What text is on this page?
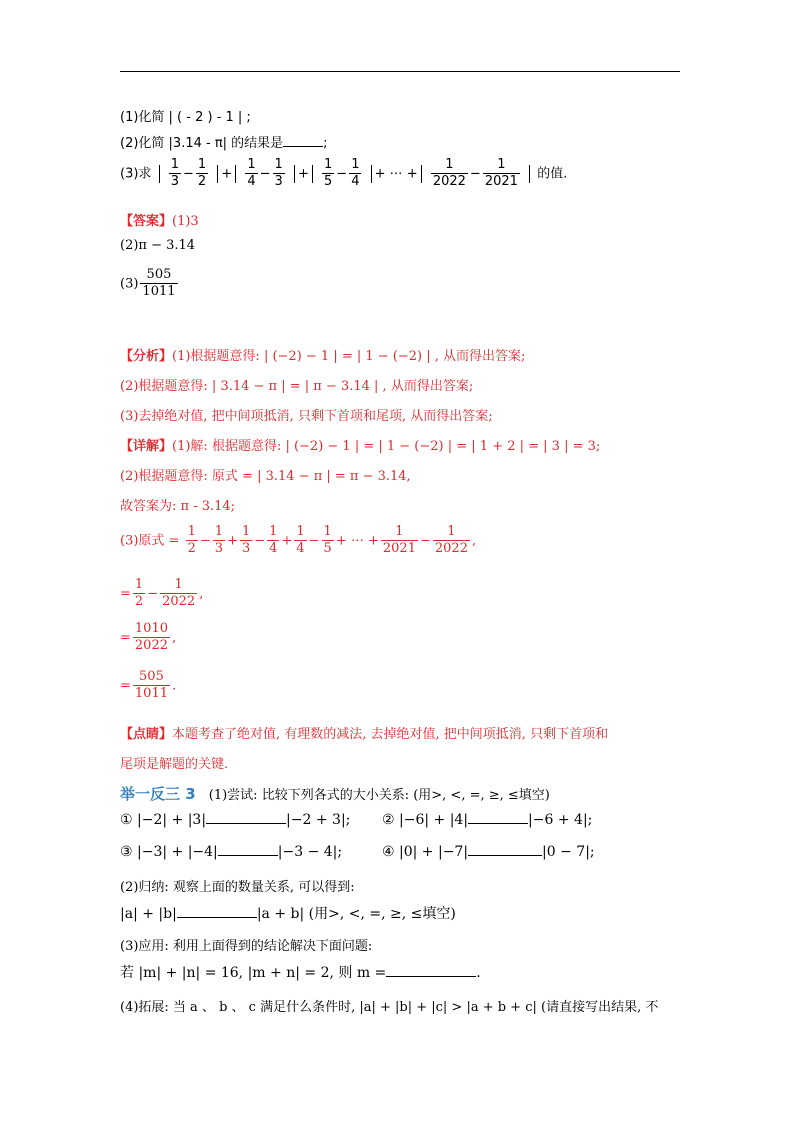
(1)化简 | ( - 2 ) - 1 | ;
(2)化简 |3.14 - π| 的结果是	;
(3)求 $\frac{1}{3} - \frac{1}{2} + \frac{1}{4} - \frac{1}{3} + \frac{1}{5} - \frac{1}{4}$ + ⋯ + $\frac{1}{2022} - \frac{1}{2021}$ 的值.
【答案】(1)3
(2)π − 3.14
$(3) \frac{505}{1011}$
【分析】(1)根据题意得: | (−2) − 1 | = | 1 − (−2) | , 从而得出答案;
(2)根据题意得: | 3.14 − π | = | π − 3.14 | , 从而得出答案;
(3)去掉绝对值, 把中间项抵消, 只剩下首项和尾项, 从而得出答案;
【详解】(1)解: 根据题意得: | (−2) − 1 | = | 1 − (−2) | = | 1 + 2 | = | 3 | = 3;
(2)根据题意得: 原式 = | 3.14 − π | = π − 3.14,
故答案为: π - 3.14;
(3)原式 = $\frac{1}{2} - \frac{1}{3} + \frac{1}{3} - \frac{1}{4} + \frac{1}{4} - \frac{1}{5}$ + ⋯ + $\frac{1}{2021} - \frac{1}{2022}$ ,
= $\frac{1}{2} - \frac{1}{2022}$ ,
= $\frac{1010}{2022}$ ,
= $\frac{505}{1011}$ .
【点睛】本题考查了绝对值, 有理数的减法, 去掉绝对值, 把中间项抵消, 只剩下首项和
尾项是解题的关键.
举一反三 3 (1)尝试: 比较下列各式的大小关系: (用>, <, =, ≥, ≤填空)
① |−2| + |3|	|−2 + 3|; ② |−6| + |4|	|−6 + 4|;
③ |−3| + |−4|	|−3 − 4|;	④ |0| + |−7|	|0 − 7|;
(2)归纳: 观察上面的数量关系, 可以得到:
|a| + |b|	|a + b| (用>, <, =, ≥, ≤填空)
(3)应用: 利用上面得到的结论解决下面问题:
若 |m| + |n| = 16, |m + n| = 2, 则 m =	.
(4)拓展: 当 a 、 b 、 c 满足什么条件时, |a| + |b| + |c| > |a + b + c| (请直接写出结果, 不
